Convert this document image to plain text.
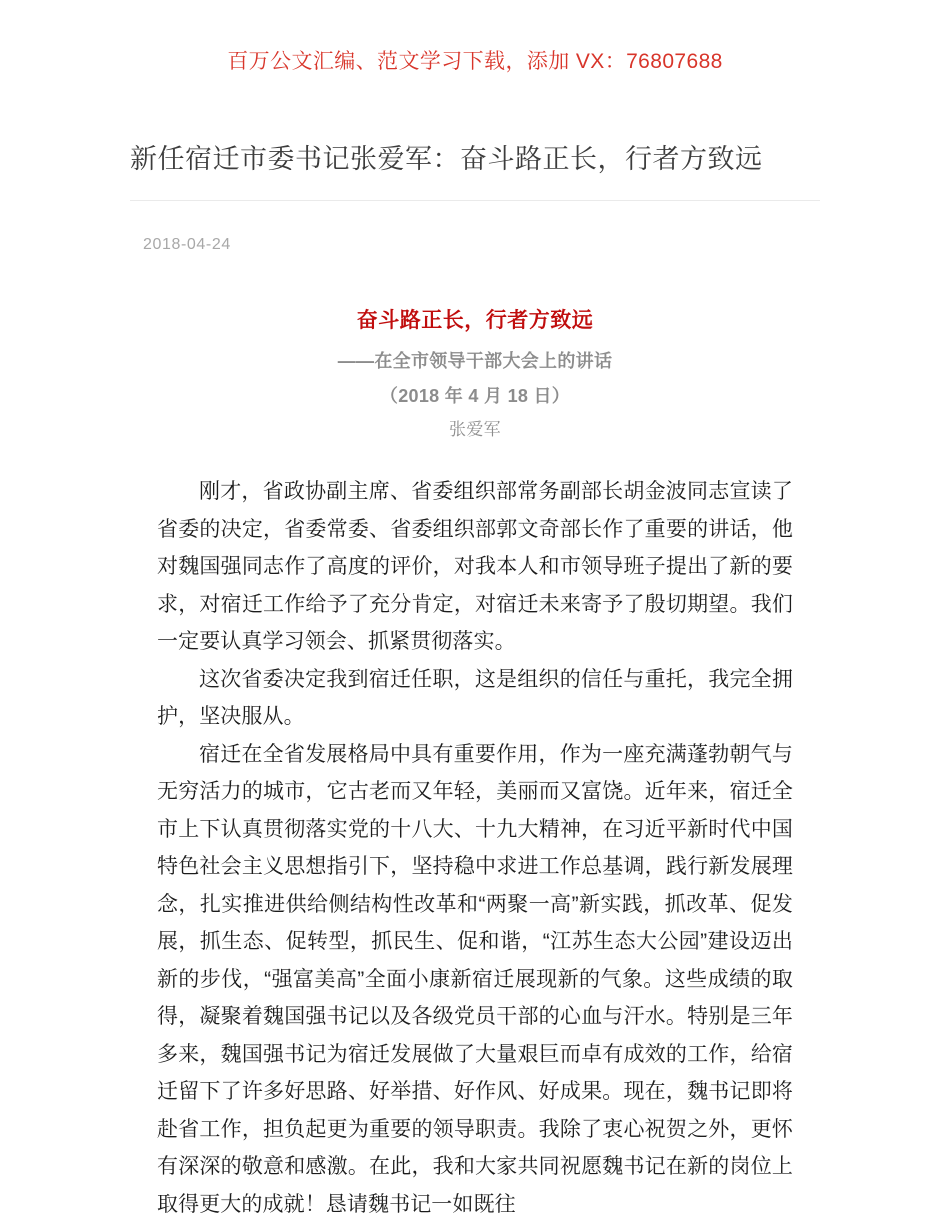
百万公文汇编、范文学习下载，添加 VX：76807688
新任宿迁市委书记张爱军：奋斗路正长，行者方致远
2018-04-24
奋斗路正长，行者方致远
——在全市领导干部大会上的讲话
（2018 年 4 月 18 日）
张爱军

刚才，省政协副主席、省委组织部常务副部长胡金波同志宣读了省委的决定，省委常委、省委组织部郭文奇部长作了重要的讲话，他对魏国强同志作了高度的评价，对我本人和市领导班子提出了新的要求，对宿迁工作给予了充分肯定，对宿迁未来寄予了殷切期望。我们一定要认真学习领会、抓紧贯彻落实。

这次省委决定我到宿迁任职，这是组织的信任与重托，我完全拥护，坚决服从。

宿迁在全省发展格局中具有重要作用，作为一座充满蓬勃朝气与无穷活力的城市，它古老而又年轻，美丽而又富饶。近年来，宿迁全市上下认真贯彻落实党的十八大、十九大精神，在习近平新时代中国特色社会主义思想指引下，坚持稳中求进工作总基调，践行新发展理念，扎实推进供给侧结构性改革和“两聚一高”新实践，抓改革、促发展，抓生态、促转型，抓民生、促和谐，“江苏生态大公园”建设迈出新的步伐，“强富美高”全面小康新宿迁展现新的气象。这些成绩的取得，凝聚着魏国强书记以及各级党员干部的心血与汗水。特别是三年多来，魏国强书记为宿迁发展做了大量艰巨而卓有成效的工作，给宿迁留下了许多好思路、好举措、好作风、好成果。现在，魏书记即将赴省工作，担负起更为重要的领导职责。我除了衷心祝贺之外，更怀有深深的敬意和感激。在此，我和大家共同祝愿魏书记在新的岗位上取得更大的成就！恳请魏书记一如既往
